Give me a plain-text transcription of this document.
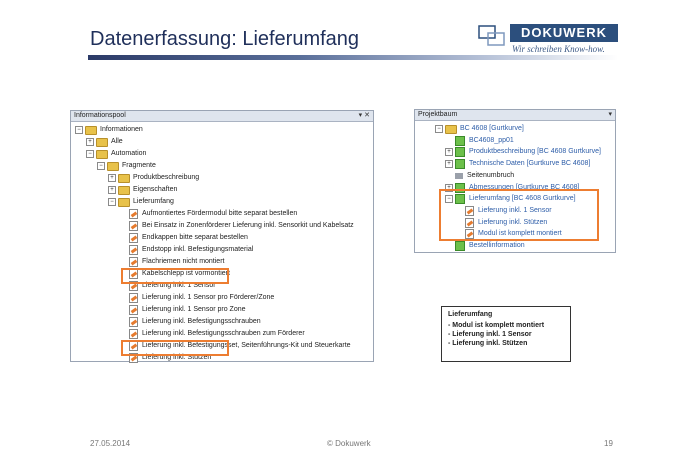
Datenerfassung: Lieferumfang	DOKUWERK
Wir schreiben Know-how.
Informationspool	▾ ✕
−	Informationen
+	Alle
−	Automation
−	Fragmente
+	Produktbeschreibung
+	Eigenschaften
−	Lieferumfang
Aufmontiertes Fördermodul bitte separat bestellen
Bei Einsatz in Zonenförderer Lieferung inkl. Sensorkit und Kabelsatz
Endkappen bitte separat bestellen
Endstopp inkl. Befestigungsmaterial
Flachriemen nicht montiert
Kabelschlepp ist vormontiert
Lieferung inkl. 1 Sensor
Lieferung inkl. 1 Sensor pro Förderer/Zone
Lieferung inkl. 1 Sensor pro Zone
Lieferung inkl. Befestigungsschrauben
Lieferung inkl. Befestigungsschrauben zum Förderer
Lieferung inkl. Befestigungsset, Seitenführungs-Kit und Steuerkarte
Lieferung inkl. Stützen
Projektbaum	▾
−	BC 4608 [Gurtkurve]
BC4608_pp01
+	Produktbeschreibung [BC 4608 Gurtkurve]
+	Technische Daten [Gurtkurve BC 4608]
Seitenumbruch
+	Abmessungen [Gurtkurve BC 4608]
−	Lieferumfang [BC 4608 Gurtkurve]
Lieferung inkl. 1 Sensor
Lieferung inkl. Stützen
Modul ist komplett montiert
Bestellinformation
Lieferumfang
- Modul ist komplett montiert
- Lieferung inkl. 1 Sensor
- Lieferung inkl. Stützen
27.05.2014	© Dokuwerk	19
